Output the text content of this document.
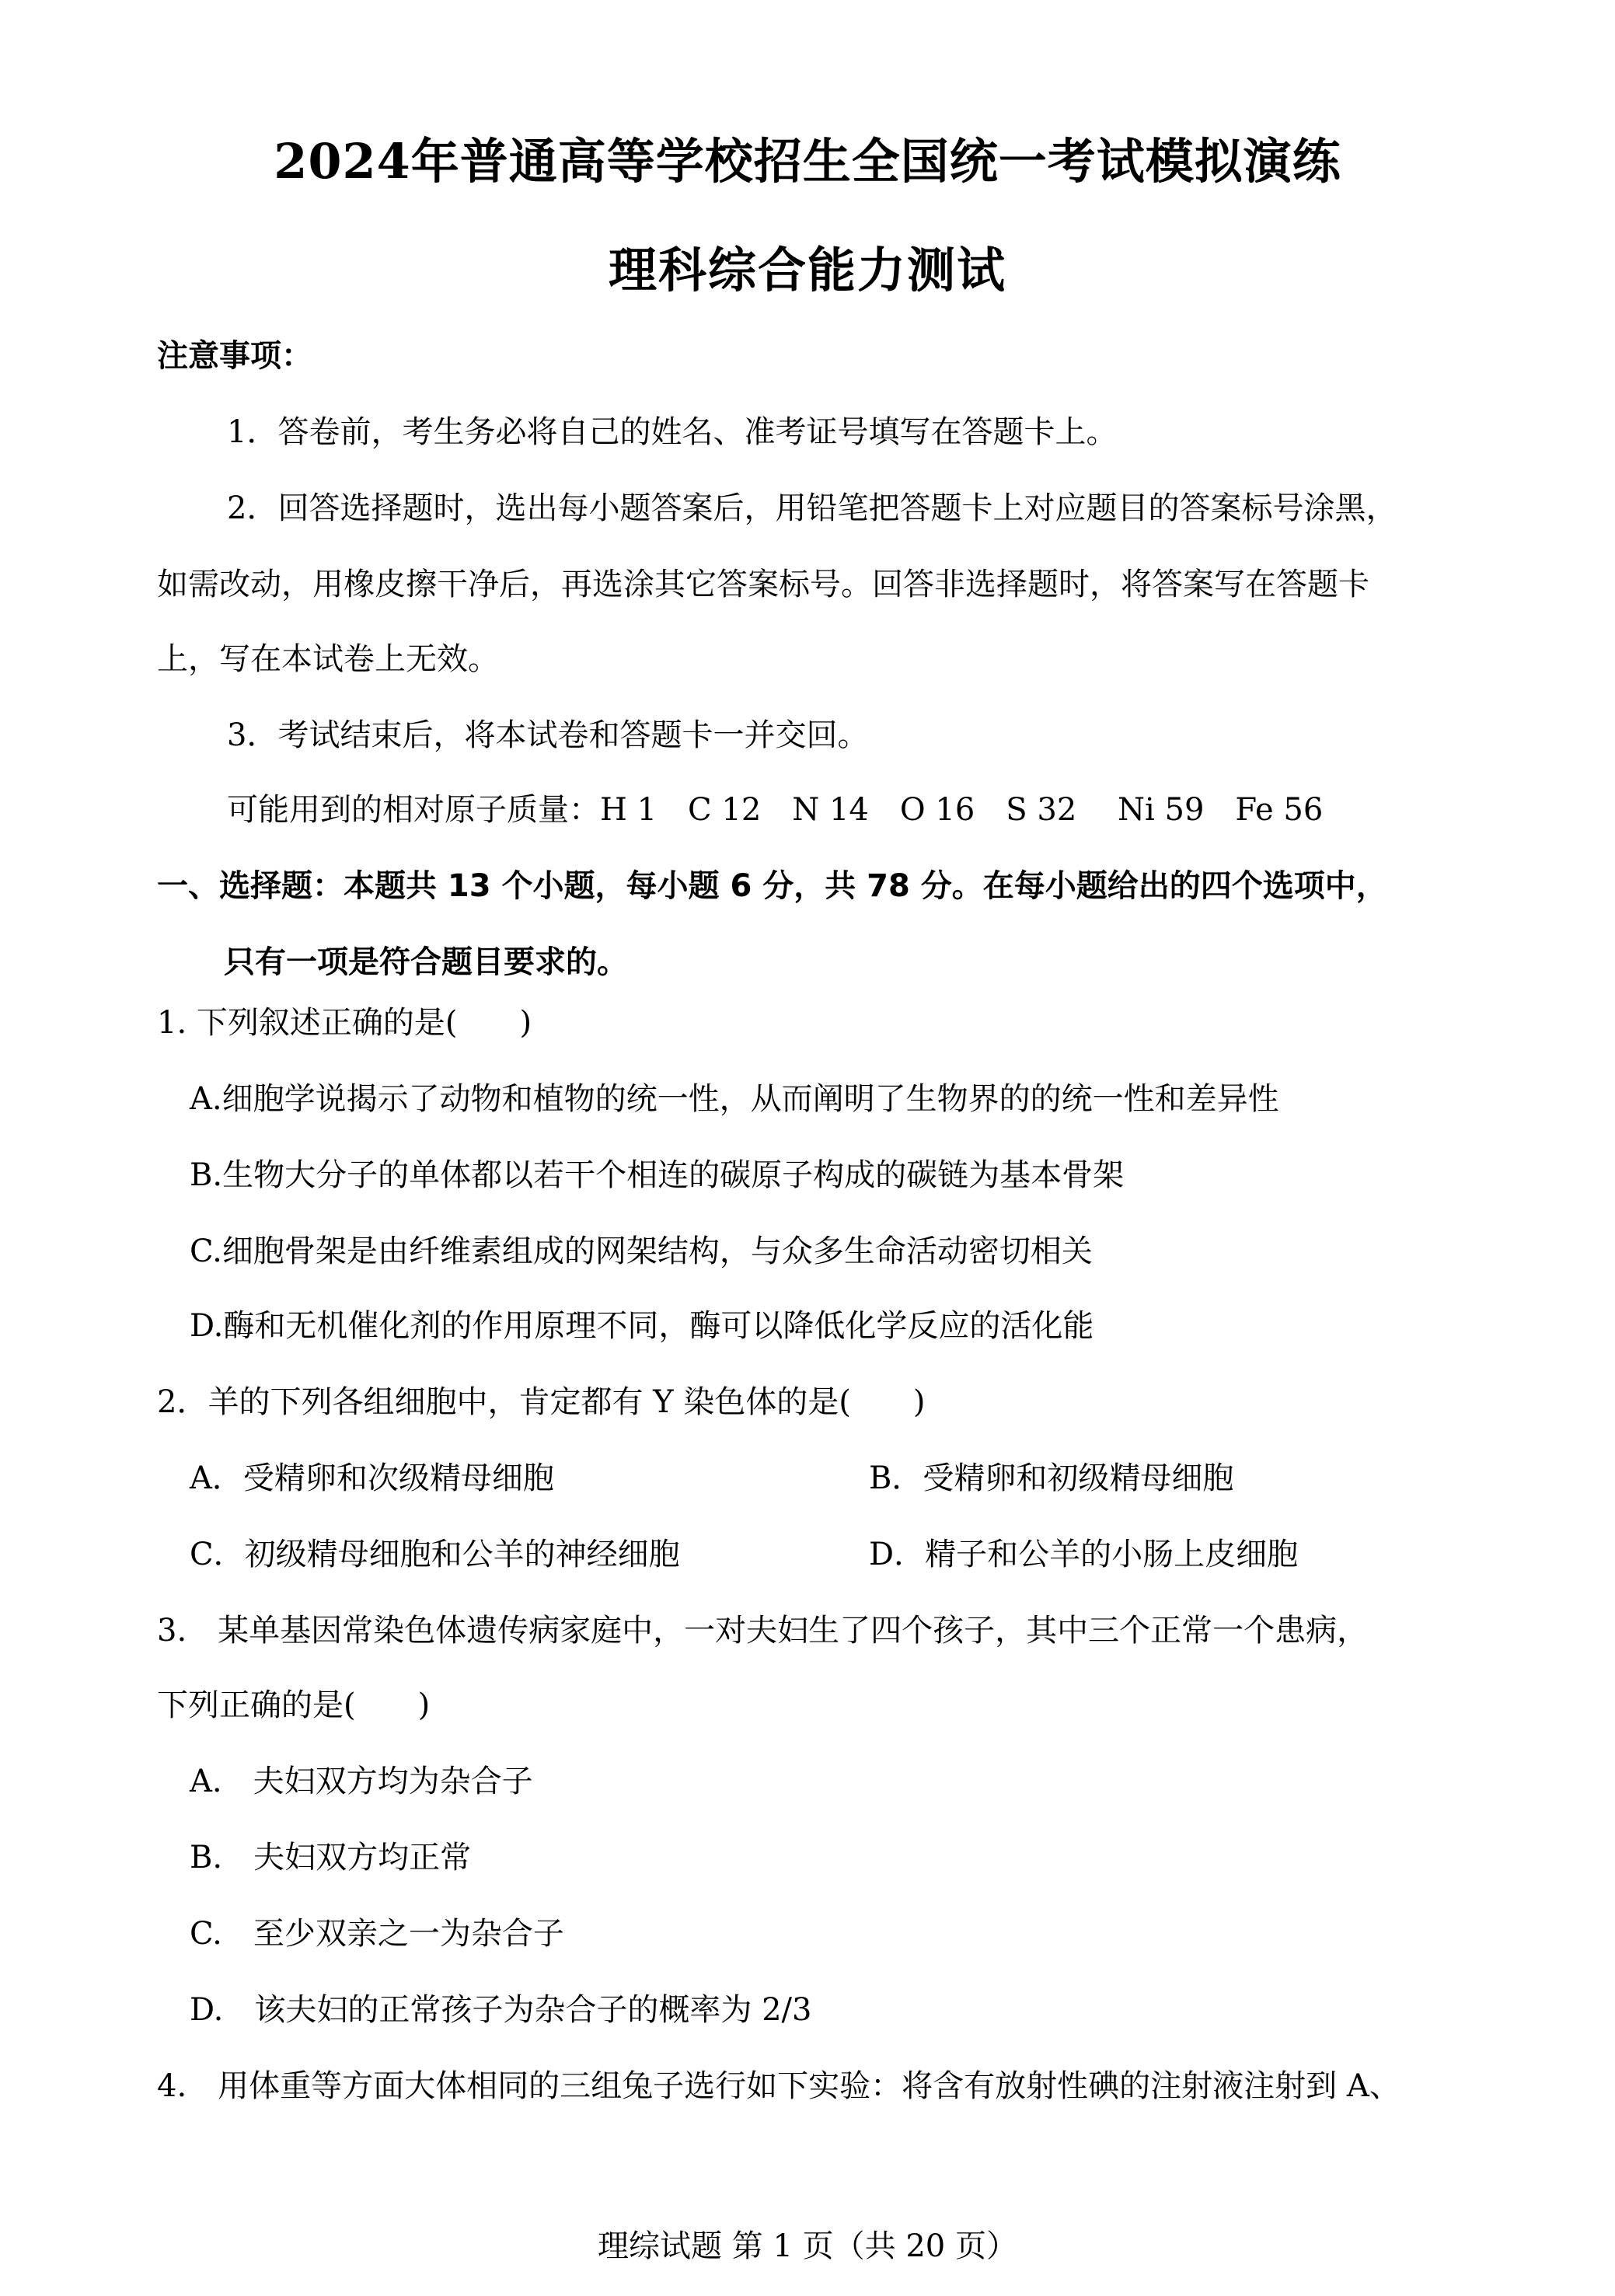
2024年普通高等学校招生全国统一考试模拟演练
理科综合能力测试
注意事项：
1．答卷前，考生务必将自己的姓名、准考证号填写在答题卡上。
2．回答选择题时，选出每小题答案后，用铅笔把答题卡上对应题目的答案标号涂黑，
如需改动，用橡皮擦干净后，再选涂其它答案标号。回答非选择题时，将答案写在答题卡
上，写在本试卷上无效。
3．考试结束后，将本试卷和答题卡一并交回。
可能用到的相对原子质量：H 1　C 12　N 14　O 16　S 32　 Ni 59　Fe 56
一、选择题：本题共 13 个小题，每小题 6 分，共 78 分。在每小题给出的四个选项中，
只有一项是符合题目要求的。
1. 下列叙述正确的是(　　)
A.细胞学说揭示了动物和植物的统一性，从而阐明了生物界的的统一性和差异性
B.生物大分子的单体都以若干个相连的碳原子构成的碳链为基本骨架
C.细胞骨架是由纤维素组成的网架结构，与众多生命活动密切相关
D.酶和无机催化剂的作用原理不同，酶可以降低化学反应的活化能
2．羊的下列各组细胞中，肯定都有 Y 染色体的是(　　)
A．受精卵和次级精母细胞	B．受精卵和初级精母细胞
C．初级精母细胞和公羊的神经细胞	D．精子和公羊的小肠上皮细胞
3.　某单基因常染色体遗传病家庭中，一对夫妇生了四个孩子，其中三个正常一个患病，
下列正确的是(　　)
A.　夫妇双方均为杂合子
B.　夫妇双方均正常
C.　至少双亲之一为杂合子
D.　该夫妇的正常孩子为杂合子的概率为 2/3
4.　用体重等方面大体相同的三组兔子选行如下实验：将含有放射性碘的注射液注射到 A、
理综试题 第 1 页（共 20 页）
